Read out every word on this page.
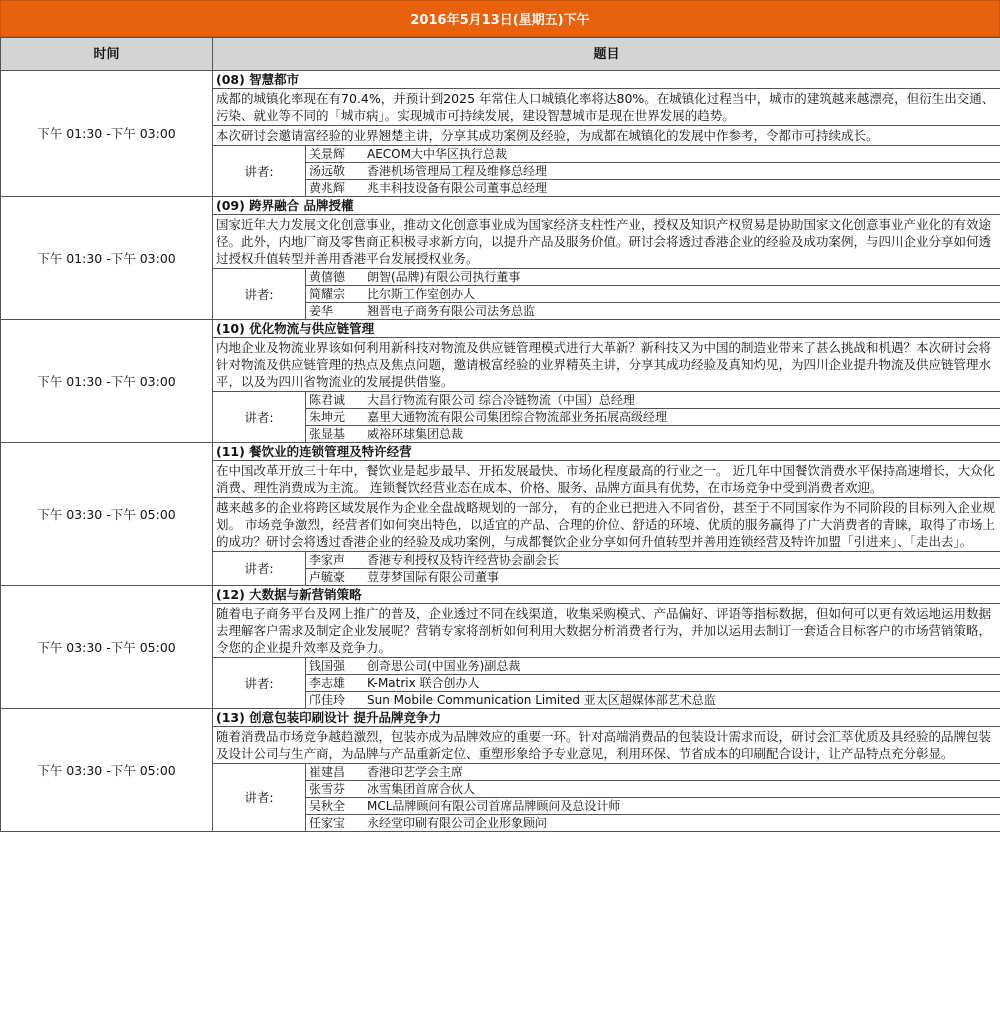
2016年5月13日(星期五)下午
时间	题目
下午 01:30 -下午 03:00	
(08) 智慧都市
成都的城镇化率现在有70.4%，并预计到2025 年常住人口城镇化率将达80%。在城镇化过程当中，城市的建筑越来越漂亮，但衍生出交通、污染、就业等不同的「城市病」。实现城市可持续发展，建设智慧城市是现在世界发展的趋势。
本次研讨会邀请富经验的业界翘楚主讲，分享其成功案例及经验，为成都在城镇化的发展中作参考，令都市可持续成长。
讲者:	
关景辉	AECOM大中华区执行总裁
汤远敬	香港机场管理局工程及维修总经理
黄兆辉	兆丰科技设备有限公司董事总经理

下午 01:30 -下午 03:00	
(09) 跨界融合 品牌授權
国家近年大力发展文化创意事业，推动文化创意事业成为国家经济支柱性产业，授权及知识产权贸易是协助国家文化创意事业产业化的有效途径。此外，内地厂商及零售商正积极寻求新方向，以提升产品及服务价值。研讨会将透过香港企业的经验及成功案例，与四川企业分享如何透过授权升值转型并善用香港平台发展授权业务。
讲者:	
黄僖德	朗智(品牌)有限公司执行董事
简耀宗	比尔斯工作室创办人
姜华	翘晋电子商务有限公司法务总监

下午 01:30 -下午 03:00	
(10) 优化物流与供应链管理
内地企业及物流业界该如何利用新科技对物流及供应链管理模式进行大革新？新科技又为中国的制造业带来了甚么挑战和机遇？本次研讨会将针对物流及供应链管理的热点及焦点问题，邀请极富经验的业界精英主讲，分享其成功经验及真知灼见，为四川企业提升物流及供应链管理水平，以及为四川省物流业的发展提供借鉴。
讲者:	
陈君诚	大昌行物流有限公司 综合冷链物流（中国）总经理
朱坤元	嘉里大通物流有限公司集团综合物流部业务拓展高级经理
张显基	威裕环球集团总裁

下午 03:30 -下午 05:00	
(11) 餐饮业的连锁管理及特许经营
在中国改革开放三十年中，餐饮业是起步最早、开拓发展最快、市场化程度最高的行业之一。 近几年中国餐饮消费水平保持高速增长，大众化消费、理性消费成为主流。 连锁餐饮经营业态在成本、价格、服务、品牌方面具有优势，在市场竞争中受到消费者欢迎。
越来越多的企业将跨区域发展作为企业全盘战略规划的一部分， 有的企业已把进入不同省份，甚至于不同国家作为不同阶段的目标列入企业规划。 市场竞争激烈，经营者们如何突出特色，以适宜的产品、合理的价位、舒适的环境、优质的服务赢得了广大消费者的青睐，取得了市场上的成功？研讨会将透过香港企业的经验及成功案例，与成都餐饮企业分享如何升值转型并善用连锁经营及特许加盟「引进来」、「走出去」。
讲者:	
李家声	香港专利授权及特许经营协会副会长
卢毓豪	荳芽梦国际有限公司董事

下午 03:30 -下午 05:00	
(12) 大数据与新营销策略
随着电子商务平台及网上推广的普及，企业透过不同在线渠道，收集采购模式、产品偏好、评语等指标数据，但如何可以更有效运地运用数据去理解客户需求及制定企业发展呢？营销专家将剖析如何利用大数据分析消费者行为，并加以运用去制订一套适合目标客户的市场营销策略，令您的企业提升效率及竞争力。
讲者:	
钱国强	创奇思公司(中国业务)副总裁
李志雄	K-Matrix 联合创办人
邝佳玲	Sun Mobile Communication Limited 亚太区超媒体部艺术总监

下午 03:30 -下午 05:00	
(13) 创意包装印刷设计 提升品牌竞争力
随着消费品市场竞争越趋激烈，包装亦成为品牌效应的重要一环。针对高端消费品的包装设计需求而设，研讨会汇萃优质及具经验的品牌包装及设计公司与生产商，为品牌与产品重新定位、重塑形象给予专业意见，利用环保、节省成本的印刷配合设计，让产品特点充分彰显。
讲者:	
崔建昌	香港印艺学会主席
张雪芬	冰雪集团首席合伙人
吴秋全	MCL品牌顾问有限公司首席品牌顾问及总设计师
任家宝	永经堂印刷有限公司企业形象顾问
